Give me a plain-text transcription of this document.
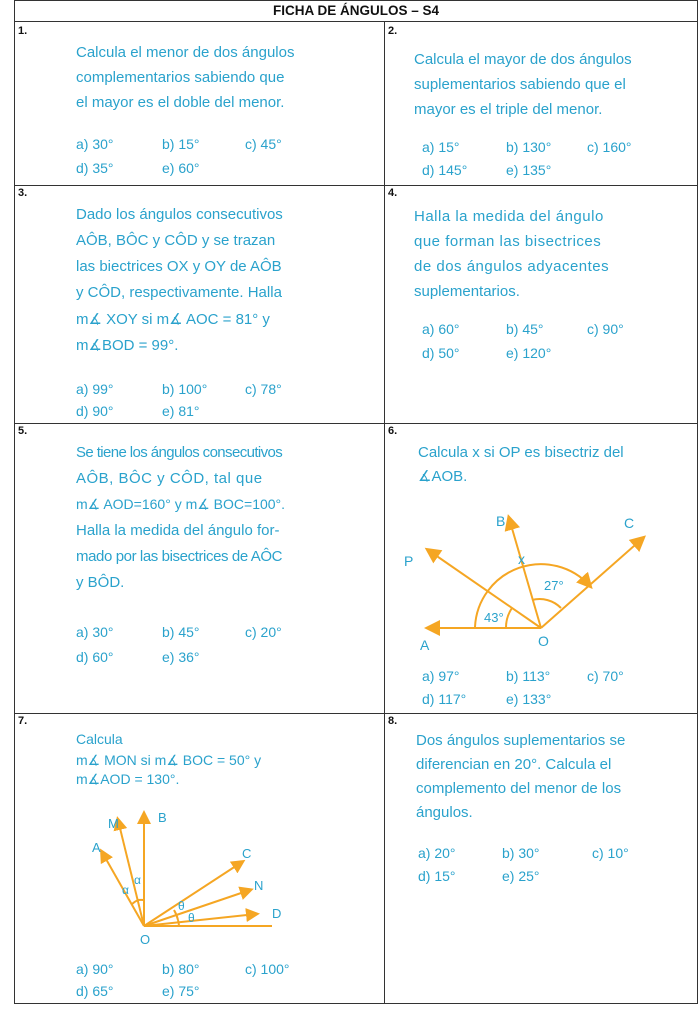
FICHA DE ÁNGULOS – S4
1.
Calcula el menor de dos ángulos
complementarios sabiendo que
el mayor es el doble del menor.
a) 30°	b) 15°	c) 45°
d) 35°	e) 60°
2.
Calcula el mayor de dos ángulos
suplementarios sabiendo que el
mayor es el triple del menor.
a) 15°	b) 130°	c) 160°
d) 145°	e) 135°
3.
Dado los ángulos consecutivos
AÔB, BÔC y CÔD y se trazan
las biectrices OX y OY de AÔB
y CÔD, respectivamente. Halla
m∡ XOY si m∡ AOC = 81° y
m∡BOD = 99°.
a) 99°	b) 100°	c) 78°
d) 90°	e) 81°
4.
Halla la medida del ángulo
que forman las bisectrices
de dos ángulos adyacentes
suplementarios.
a) 60°	b) 45°	c) 90°
d) 50°	e) 120°
5.
Se tiene los ángulos consecutivos
AÔB, BÔC y CÔD, tal que
m∡ AOD=160° y m∡ BOC=100°.
Halla la medida del ángulo for-
mado por las bisectrices de AÔC
y BÔD.
a) 30°	b) 45°	c) 20°
d) 60°	e) 36°
6.
Calcula x si OP es bisectriz del
∡AOB.
B	C
P	x
27°
43°
A	O
a) 97°	b) 113°	c) 70°
d) 117°	e) 133°
7.
Calcula
m∡ MON si m∡ BOC = 50° y
m∡AOD = 130°.
M	B
A	C
N
D
α
α
θ
θ
O
a) 90°	b) 80°	c) 100°
d) 65°	e) 75°
8.
Dos ángulos suplementarios se
diferencian en 20°. Calcula el
complemento del menor de los
ángulos.
a) 20°	b) 30°	c) 10°
d) 15°	e) 25°
